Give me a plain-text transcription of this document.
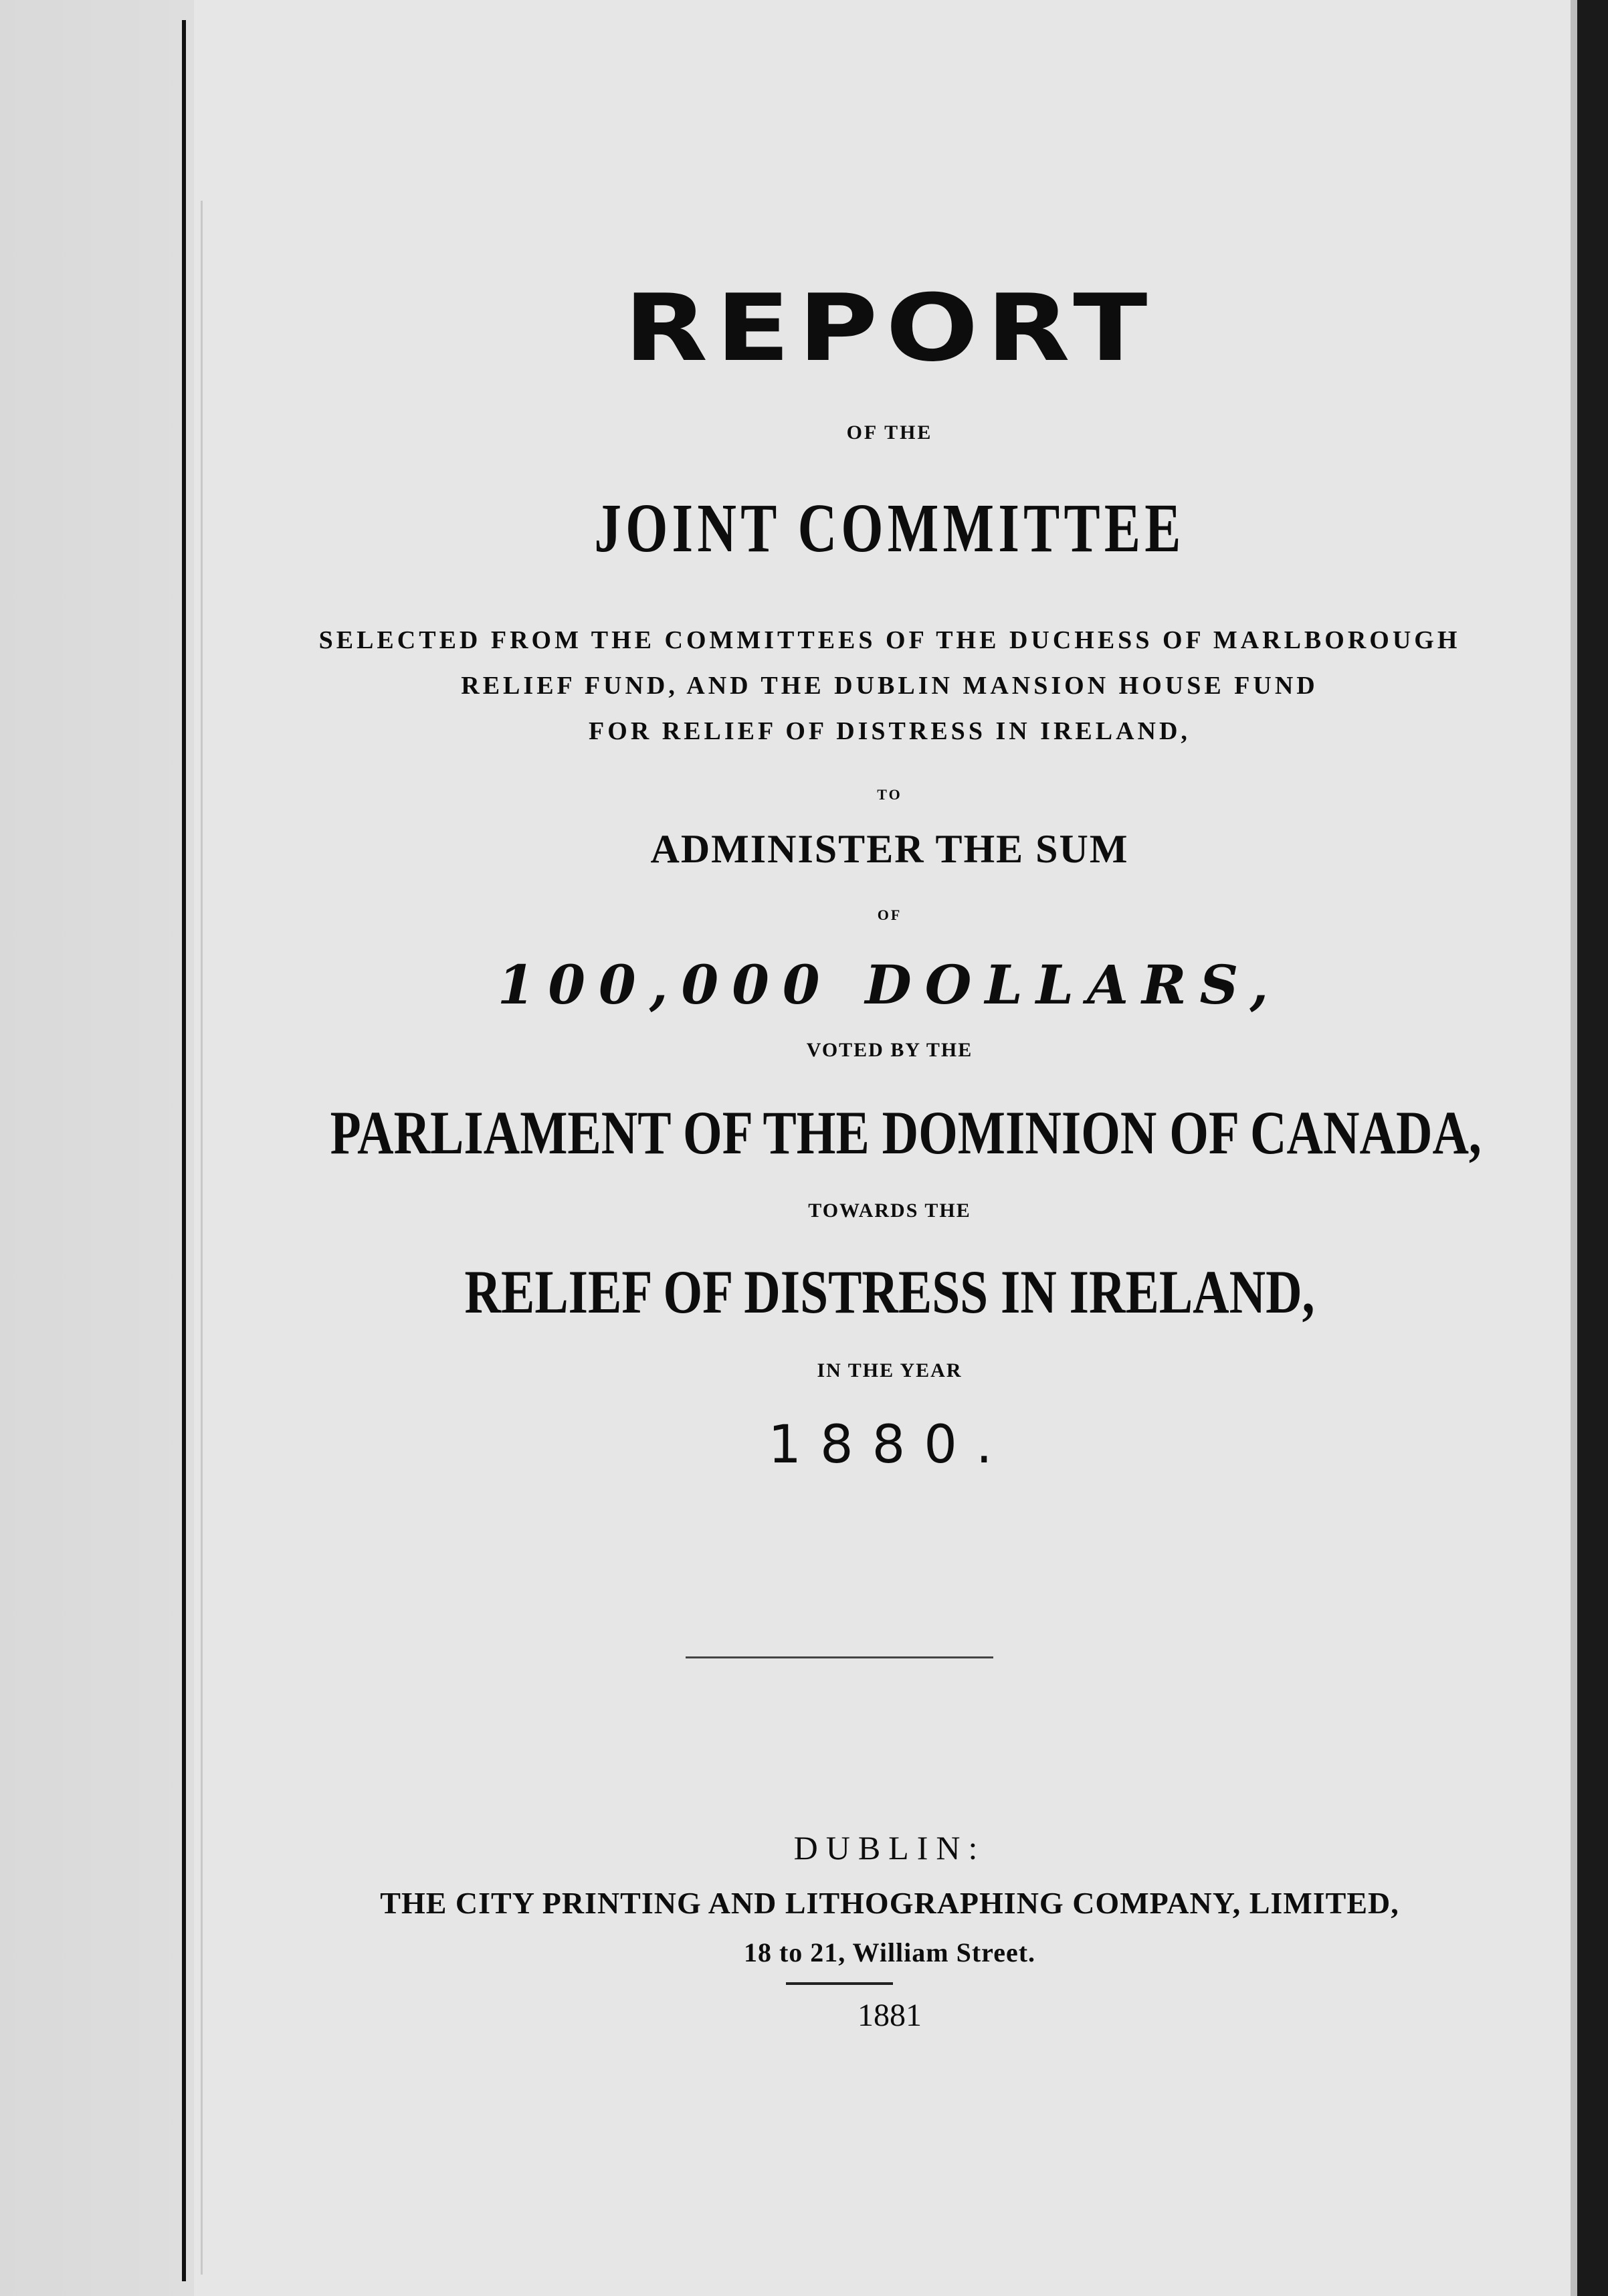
REPORT
OF THE
JOINT COMMITTEE
SELECTED FROM THE COMMITTEES OF THE DUCHESS OF MARLBOROUGH
RELIEF FUND, AND THE DUBLIN MANSION HOUSE FUND
FOR RELIEF OF DISTRESS IN IRELAND,
TO
ADMINISTER THE SUM
OF
100,000 DOLLARS,
VOTED BY THE
PARLIAMENT OF THE DOMINION OF CANADA,
TOWARDS THE
RELIEF OF DISTRESS IN IRELAND,
IN THE YEAR
1880.
DUBLIN:
THE CITY PRINTING AND LITHOGRAPHING COMPANY, LIMITED,
18 to 21, William Street.
1881
